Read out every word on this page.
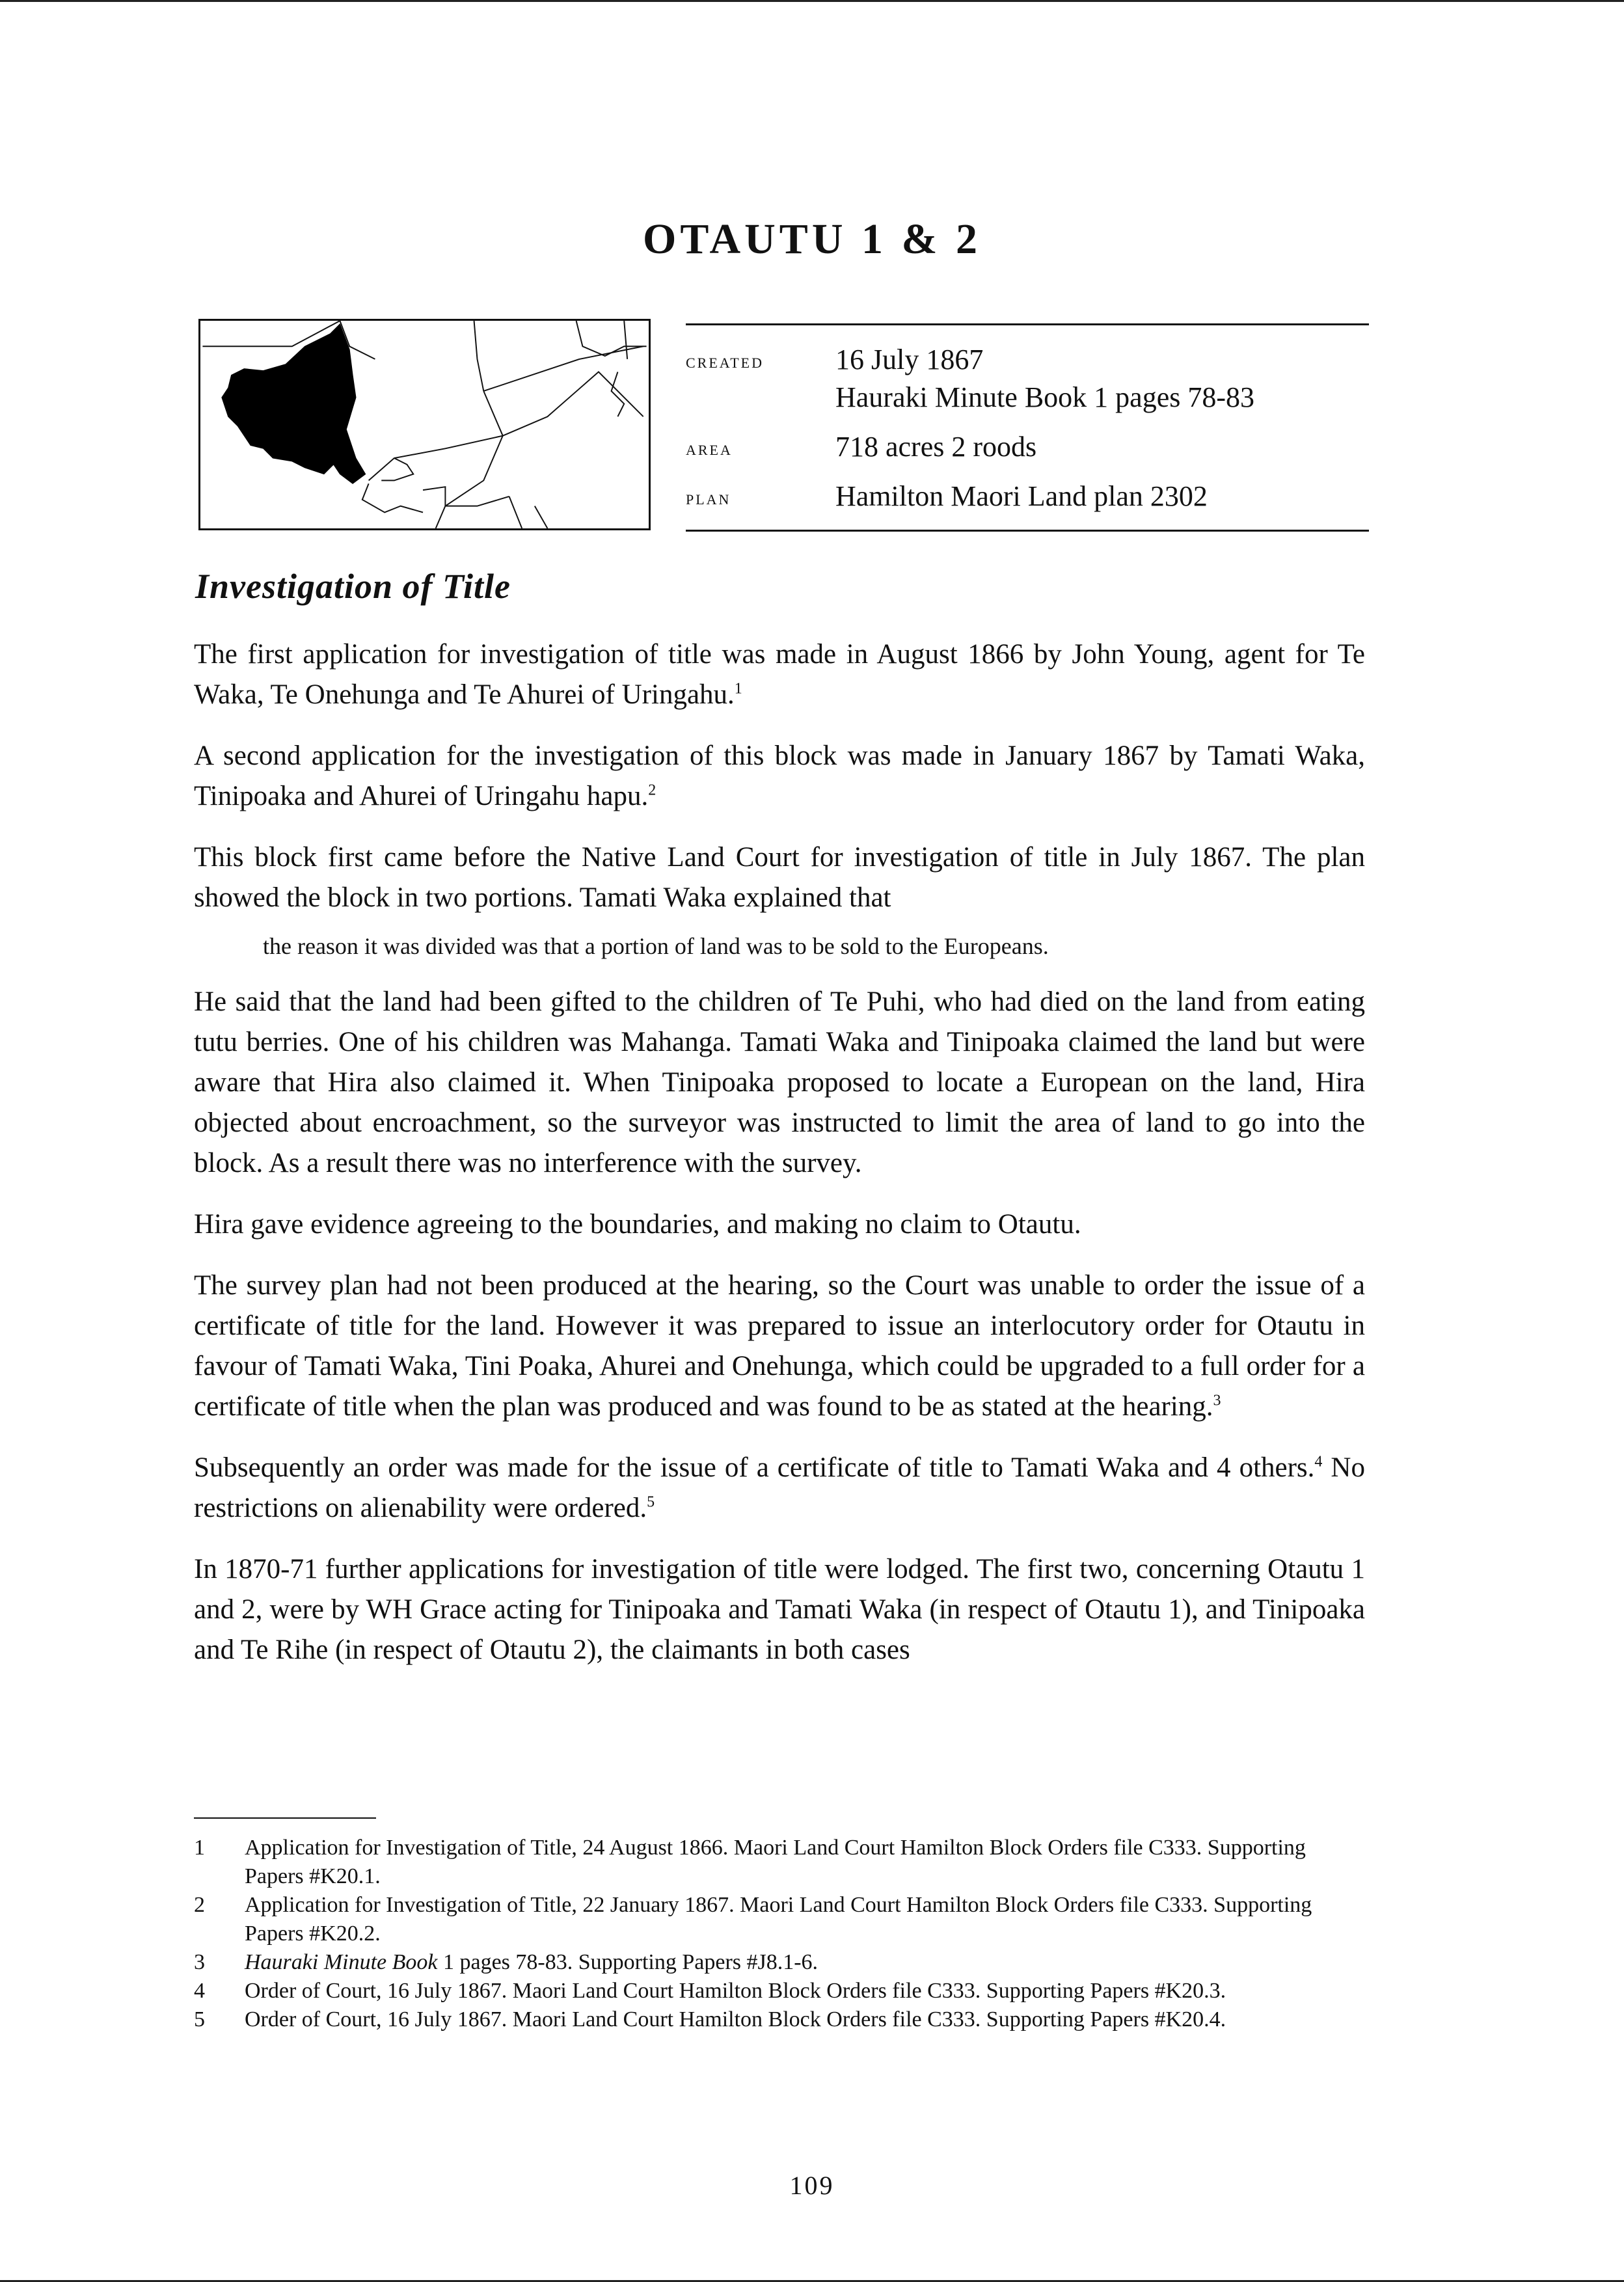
OTAUTU 1 & 2
created	16 July 1867
Hauraki Minute Book 1 pages 78-83
area	718 acres 2 roods
plan	Hamilton Maori Land plan 2302
Investigation of Title

The first application for investigation of title was made in August 1866 by John Young, agent for Te Waka, Te Onehunga and Te Ahurei of Uringahu.$^1$

A second application for the investigation of this block was made in January 1867 by Tamati Waka, Tinipoaka and Ahurei of Uringahu hapu.$^2$

This block first came before the Native Land Court for investigation of title in July 1867. The plan showed the block in two portions. Tamati Waka explained that

the reason it was divided was that a portion of land was to be sold to the Europeans.

He said that the land had been gifted to the children of Te Puhi, who had died on the land from eating tutu berries. One of his children was Mahanga. Tamati Waka and Tinipoaka claimed the land but were aware that Hira also claimed it. When Tinipoaka proposed to locate a European on the land, Hira objected about encroachment, so the surveyor was instructed to limit the area of land to go into the block. As a result there was no interference with the survey.

Hira gave evidence agreeing to the boundaries, and making no claim to Otautu.

The survey plan had not been produced at the hearing, so the Court was unable to order the issue of a certificate of title for the land. However it was prepared to issue an interlocutory order for Otautu in favour of Tamati Waka, Tini Poaka, Ahurei and Onehunga, which could be upgraded to a full order for a certificate of title when the plan was produced and was found to be as stated at the hearing.$^3$

Subsequently an order was made for the issue of a certificate of title to Tamati Waka and 4 others.$^4$ No restrictions on alienability were ordered.$^5$

In 1870-71 further applications for investigation of title were lodged. The first two, concerning Otautu 1 and 2, were by WH Grace acting for Tinipoaka and Tamati Waka (in respect of Otautu 1), and Tinipoaka and Te Rihe (in respect of Otautu 2), the claimants in both cases

1	Application for Investigation of Title, 24 August 1866. Maori Land Court Hamilton Block Orders file C333. Supporting Papers #K20.1.
2	Application for Investigation of Title, 22 January 1867. Maori Land Court Hamilton Block Orders file C333. Supporting Papers #K20.2.
3	Hauraki Minute Book 1 pages 78-83. Supporting Papers #J8.1-6.
4	Order of Court, 16 July 1867. Maori Land Court Hamilton Block Orders file C333. Supporting Papers #K20.3.
5	Order of Court, 16 July 1867. Maori Land Court Hamilton Block Orders file C333. Supporting Papers #K20.4.
109
